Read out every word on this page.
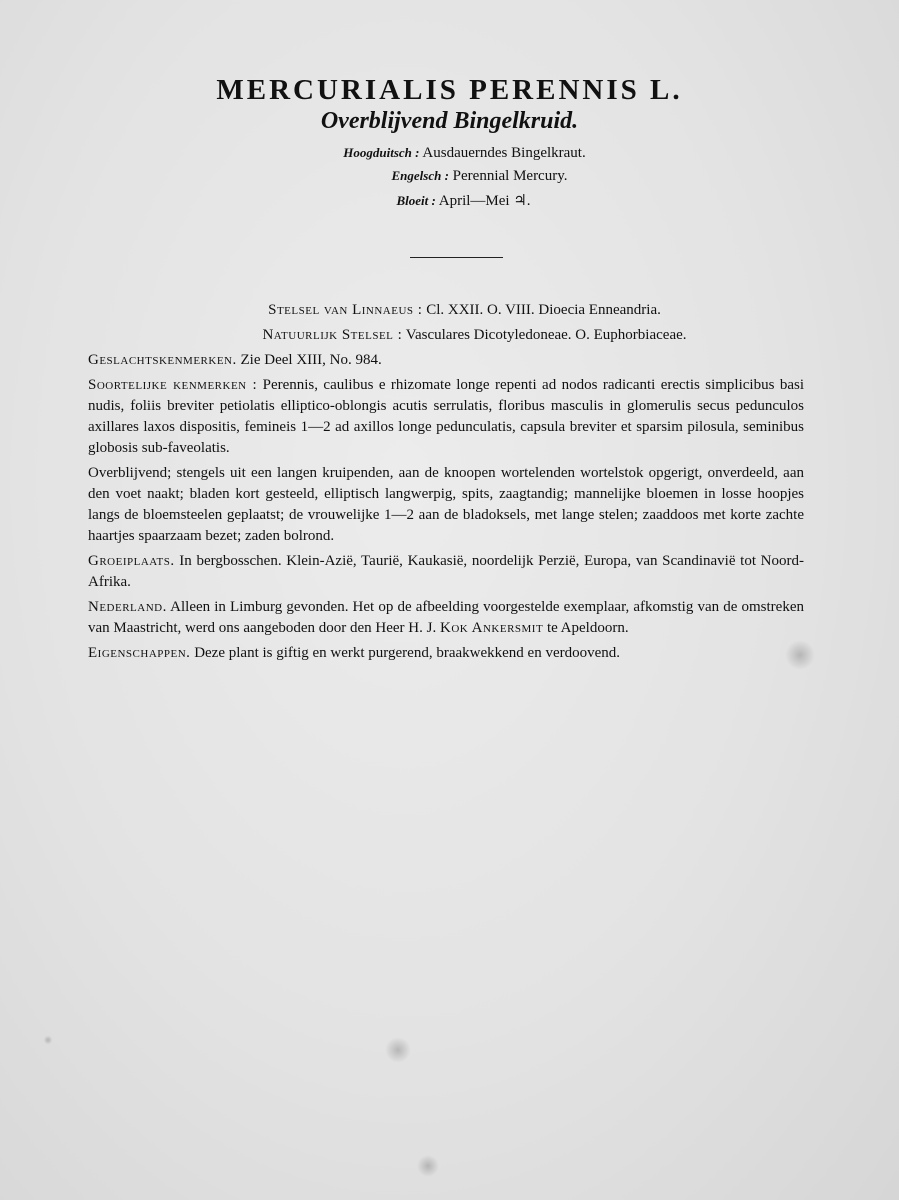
MERCURIALIS PERENNIS L.
Overblijvend Bingelkruid.
Hoogduitsch : Ausdauerndes Bingelkraut.
Engelsch : Perennial Mercury.
Bloeit : April—Mei ♃.
Stelsel van Linnaeus : Cl. XXII. O. VIII. Dioecia Enneandria.
Natuurlijk Stelsel : Vasculares Dicotyledoneae. O. Euphorbiaceae.

Geslachtskenmerken. Zie Deel XIII, No. 984.

Soortelijke kenmerken : Perennis, caulibus e rhizomate longe repenti ad nodos radicanti erectis simplicibus basi nudis, foliis breviter petiolatis elliptico-oblongis acutis serrulatis, floribus masculis in glomerulis secus pedunculos axillares laxos dispositis, femineis 1—2 ad axillos longe pedunculatis, capsula breviter et sparsim pilosula, seminibus globosis sub-faveolatis.

Overblijvend; stengels uit een langen kruipenden, aan de knoopen wortelenden wortelstok opgerigt, onverdeeld, aan den voet naakt; bladen kort gesteeld, elliptisch langwerpig, spits, zaagtandig; mannelijke bloemen in losse hoopjes langs de bloemsteelen geplaatst; de vrouwelijke 1—2 aan de bladoksels, met lange stelen; zaaddoos met korte zachte haartjes spaarzaam bezet; zaden bolrond.

Groeiplaats. In bergbosschen. Klein-Azië, Taurië, Kaukasië, noordelijk Perzië, Europa, van Scandinavië tot Noord-Afrika.

Nederland. Alleen in Limburg gevonden. Het op de afbeelding voorgestelde exemplaar, afkomstig van de omstreken van Maastricht, werd ons aangeboden door den Heer H. J. Kok Ankersmit te Apeldoorn.

Eigenschappen. Deze plant is giftig en werkt purgerend, braakwekkend en verdoovend.
